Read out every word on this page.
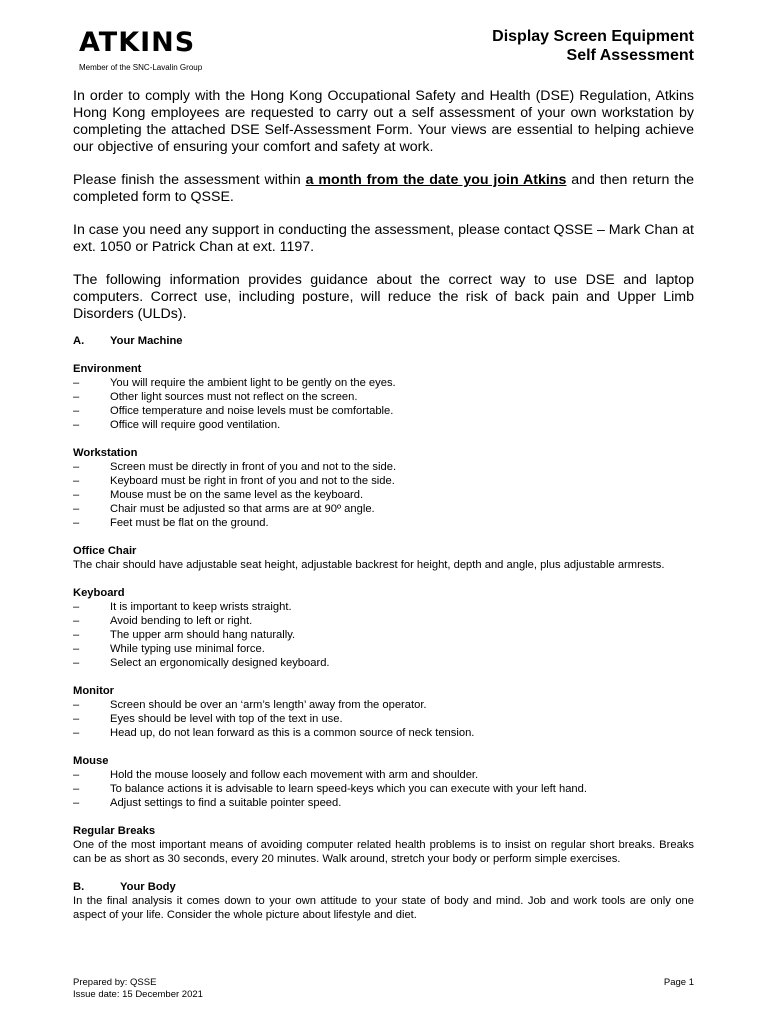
ATKINS
Member of the SNC-Lavalin Group
Display Screen Equipment
Self Assessment

In order to comply with the Hong Kong Occupational Safety and Health (DSE) Regulation, Atkins Hong Kong employees are requested to carry out a self assessment of your own workstation by completing the attached DSE Self-Assessment Form. Your views are essential to helping achieve our objective of ensuring your comfort and safety at work.

Please finish the assessment within a month from the date you join Atkins and then return the completed form to QSSE.

In case you need any support in conducting the assessment, please contact QSSE – Mark Chan at ext. 1050 or Patrick Chan at ext. 1197.

The following information provides guidance about the correct way to use DSE and laptop computers. Correct use, including posture, will reduce the risk of back pain and Upper Limb Disorders (ULDs).

A.	Your Machine
Environment
–	You will require the ambient light to be gently on the eyes.
–	Other light sources must not reflect on the screen.
–	Office temperature and noise levels must be comfortable.
–	Office will require good ventilation.
Workstation
–	Screen must be directly in front of you and not to the side.
–	Keyboard must be right in front of you and not to the side.
–	Mouse must be on the same level as the keyboard.
–	Chair must be adjusted so that arms are at 90º angle.
–	Feet must be flat on the ground.
Office Chair

The chair should have adjustable seat height, adjustable backrest for height, depth and angle, plus adjustable armrests.

Keyboard
–	It is important to keep wrists straight.
–	Avoid bending to left or right.
–	The upper arm should hang naturally.
–	While typing use minimal force.
–	Select an ergonomically designed keyboard.
Monitor
–	Screen should be over an ‘arm’s length’ away from the operator.
–	Eyes should be level with top of the text in use.
–	Head up, do not lean forward as this is a common source of neck tension.
Mouse
–	Hold the mouse loosely and follow each movement with arm and shoulder.
–	To balance actions it is advisable to learn speed-keys which you can execute with your left hand.
–	Adjust settings to find a suitable pointer speed.
Regular Breaks

One of the most important means of avoiding computer related health problems is to insist on regular short breaks. Breaks can be as short as 30 seconds, every 20 minutes. Walk around, stretch your body or perform simple exercises.

B.	Your Body

In the final analysis it comes down to your own attitude to your state of body and mind. Job and work tools are only one aspect of your life. Consider the whole picture about lifestyle and diet.

Prepared by: QSSE
Issue date: 15 December 2021
Page 1
